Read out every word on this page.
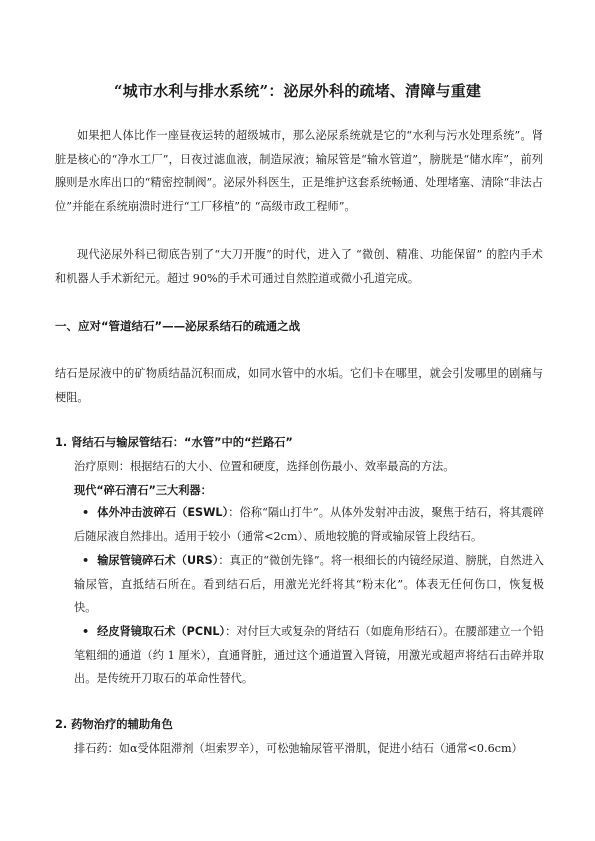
“城市水利与排水系统”：泌尿外科的疏堵、清障与重建
如果把人体比作一座昼夜运转的超级城市，那么泌尿系统就是它的“水利与污水处理系统”。肾脏是核心的“净水工厂”，日夜过滤血液，制造尿液；输尿管是“输水管道”，膀胱是“储水库”，前列腺则是水库出口的“精密控制阀”。泌尿外科医生，正是维护这套系统畅通、处理堵塞、清除“非法占位”并能在系统崩溃时进行“工厂移植”的 “高级市政工程师”。
现代泌尿外科已彻底告别了“大刀开腹”的时代，进入了 “微创、精准、功能保留” 的腔内手术和机器人手术新纪元。超过 90%的手术可通过自然腔道或微小孔道完成。
一、应对“管道结石”——泌尿系结石的疏通之战
结石是尿液中的矿物质结晶沉积而成，如同水管中的水垢。它们卡在哪里，就会引发哪里的剧痛与梗阻。
1. 肾结石与输尿管结石：“水管”中的“拦路石”
治疗原则：根据结石的大小、位置和硬度，选择创伤最小、效率最高的方法。
现代“碎石清石”三大利器：
• 体外冲击波碎石（ESWL）：俗称“隔山打牛”。从体外发射冲击波，聚焦于结石，将其震碎后随尿液自然排出。适用于较小（通常<2cm）、质地较脆的肾或输尿管上段结石。
• 输尿管镜碎石术（URS）：真正的“微创先锋”。将一根细长的内镜经尿道、膀胱，自然进入输尿管，直抵结石所在。看到结石后，用激光光纤将其“粉末化”。体表无任何伤口，恢复极快。
• 经皮肾镜取石术（PCNL）：对付巨大或复杂的肾结石（如鹿角形结石）。在腰部建立一个铅笔粗细的通道（约 1 厘米），直通肾脏，通过这个通道置入肾镜，用激光或超声将结石击碎并取出。是传统开刀取石的革命性替代。
2. 药物治疗的辅助角色
排石药：如α受体阻滞剂（坦索罗辛），可松弛输尿管平滑肌，促进小结石（通常<0.6cm）
